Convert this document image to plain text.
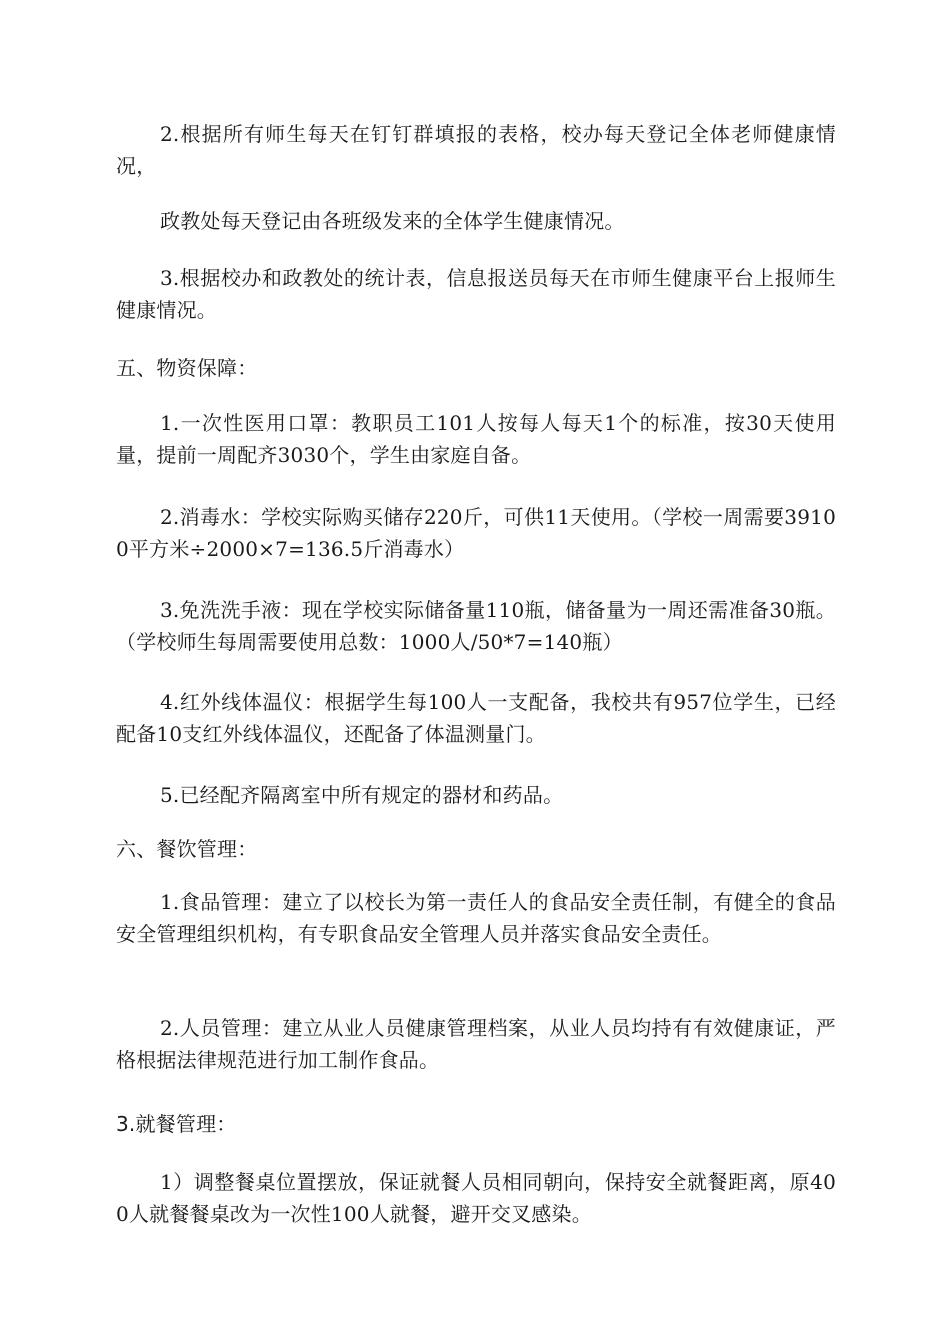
2.根据所有师生每天在钉钉群填报的表格，校办每天登记全体老师健康情况，

政教处每天登记由各班级发来的全体学生健康情况。

3.根据校办和政教处的统计表，信息报送员每天在市师生健康平台上报师生健康情况。

五、物资保障：

1.一次性医用口罩：教职员工101人按每人每天1个的标准，按30天使用量，提前一周配齐3030个，学生由家庭自备。

2.消毒水：学校实际购买储存220斤，可供11天使用。（学校一周需要39100平方米÷2000×7=136.5斤消毒水）

3.免洗洗手液：现在学校实际储备量110瓶，储备量为一周还需准备30瓶。（学校师生每周需要使用总数：1000人/50*7=140瓶）

4.红外线体温仪：根据学生每100人一支配备，我校共有957位学生，已经配备10支红外线体温仪，还配备了体温测量门。

5.已经配齐隔离室中所有规定的器材和药品。

六、餐饮管理：

1.食品管理：建立了以校长为第一责任人的食品安全责任制，有健全的食品安全管理组织机构，有专职食品安全管理人员并落实食品安全责任。

2.人员管理：建立从业人员健康管理档案，从业人员均持有有效健康证，严格根据法律规范进行加工制作食品。

3.就餐管理：

1）调整餐桌位置摆放，保证就餐人员相同朝向，保持安全就餐距离，原400人就餐餐桌改为一次性100人就餐，避开交叉感染。
